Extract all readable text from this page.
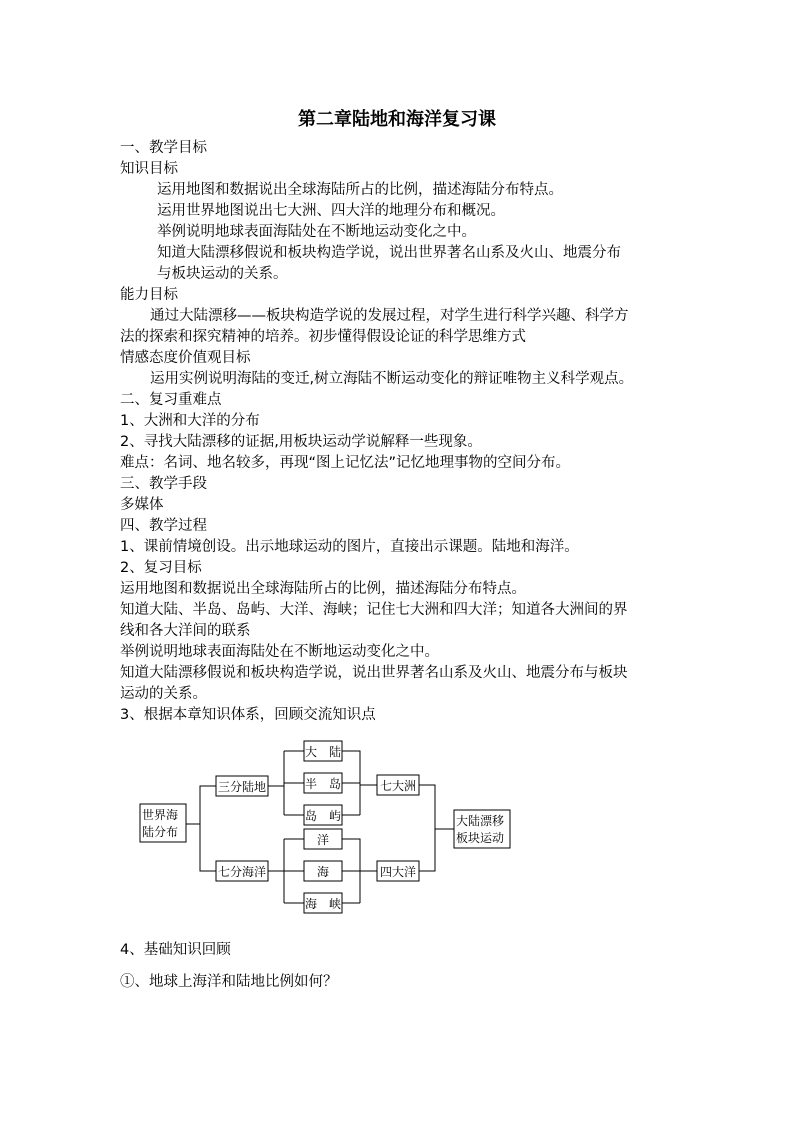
第二章陆地和海洋复习课
一、教学目标
知识目标
运用地图和数据说出全球海陆所占的比例，描述海陆分布特点。
运用世界地图说出七大洲、四大洋的地理分布和概况。
举例说明地球表面海陆处在不断地运动变化之中。
知道大陆漂移假说和板块构造学说，说出世界著名山系及火山、地震分布
与板块运动的关系。
能力目标
通过大陆漂移——板块构造学说的发展过程，对学生进行科学兴趣、科学方
法的探索和探究精神的培养。初步懂得假设论证的科学思维方式
情感态度价值观目标
运用实例说明海陆的变迁,树立海陆不断运动变化的辩证唯物主义科学观点。
二、复习重难点
1、大洲和大洋的分布
2、寻找大陆漂移的证据,用板块运动学说解释一些现象。
难点：名词、地名较多，再现“图上记忆法”记忆地理事物的空间分布。
三、教学手段
多媒体
四、教学过程
1、课前情境创设。出示地球运动的图片，直接出示课题。陆地和海洋。
2、复习目标
运用地图和数据说出全球海陆所占的比例，描述海陆分布特点。
知道大陆、半岛、岛屿、大洋、海峡；记住七大洲和四大洋；知道各大洲间的界
线和各大洋间的联系
举例说明地球表面海陆处在不断地运动变化之中。
知道大陆漂移假说和板块构造学说，说出世界著名山系及火山、地震分布与板块
运动的关系。
3、根据本章知识体系，回顾交流知识点
世界海
陆分布
三分陆地
七分海洋
大　陆
半　岛
岛　屿
洋
海
海　峡
七大洲
四大洋
大陆漂移
板块运动
4、基础知识回顾
①、地球上海洋和陆地比例如何？
